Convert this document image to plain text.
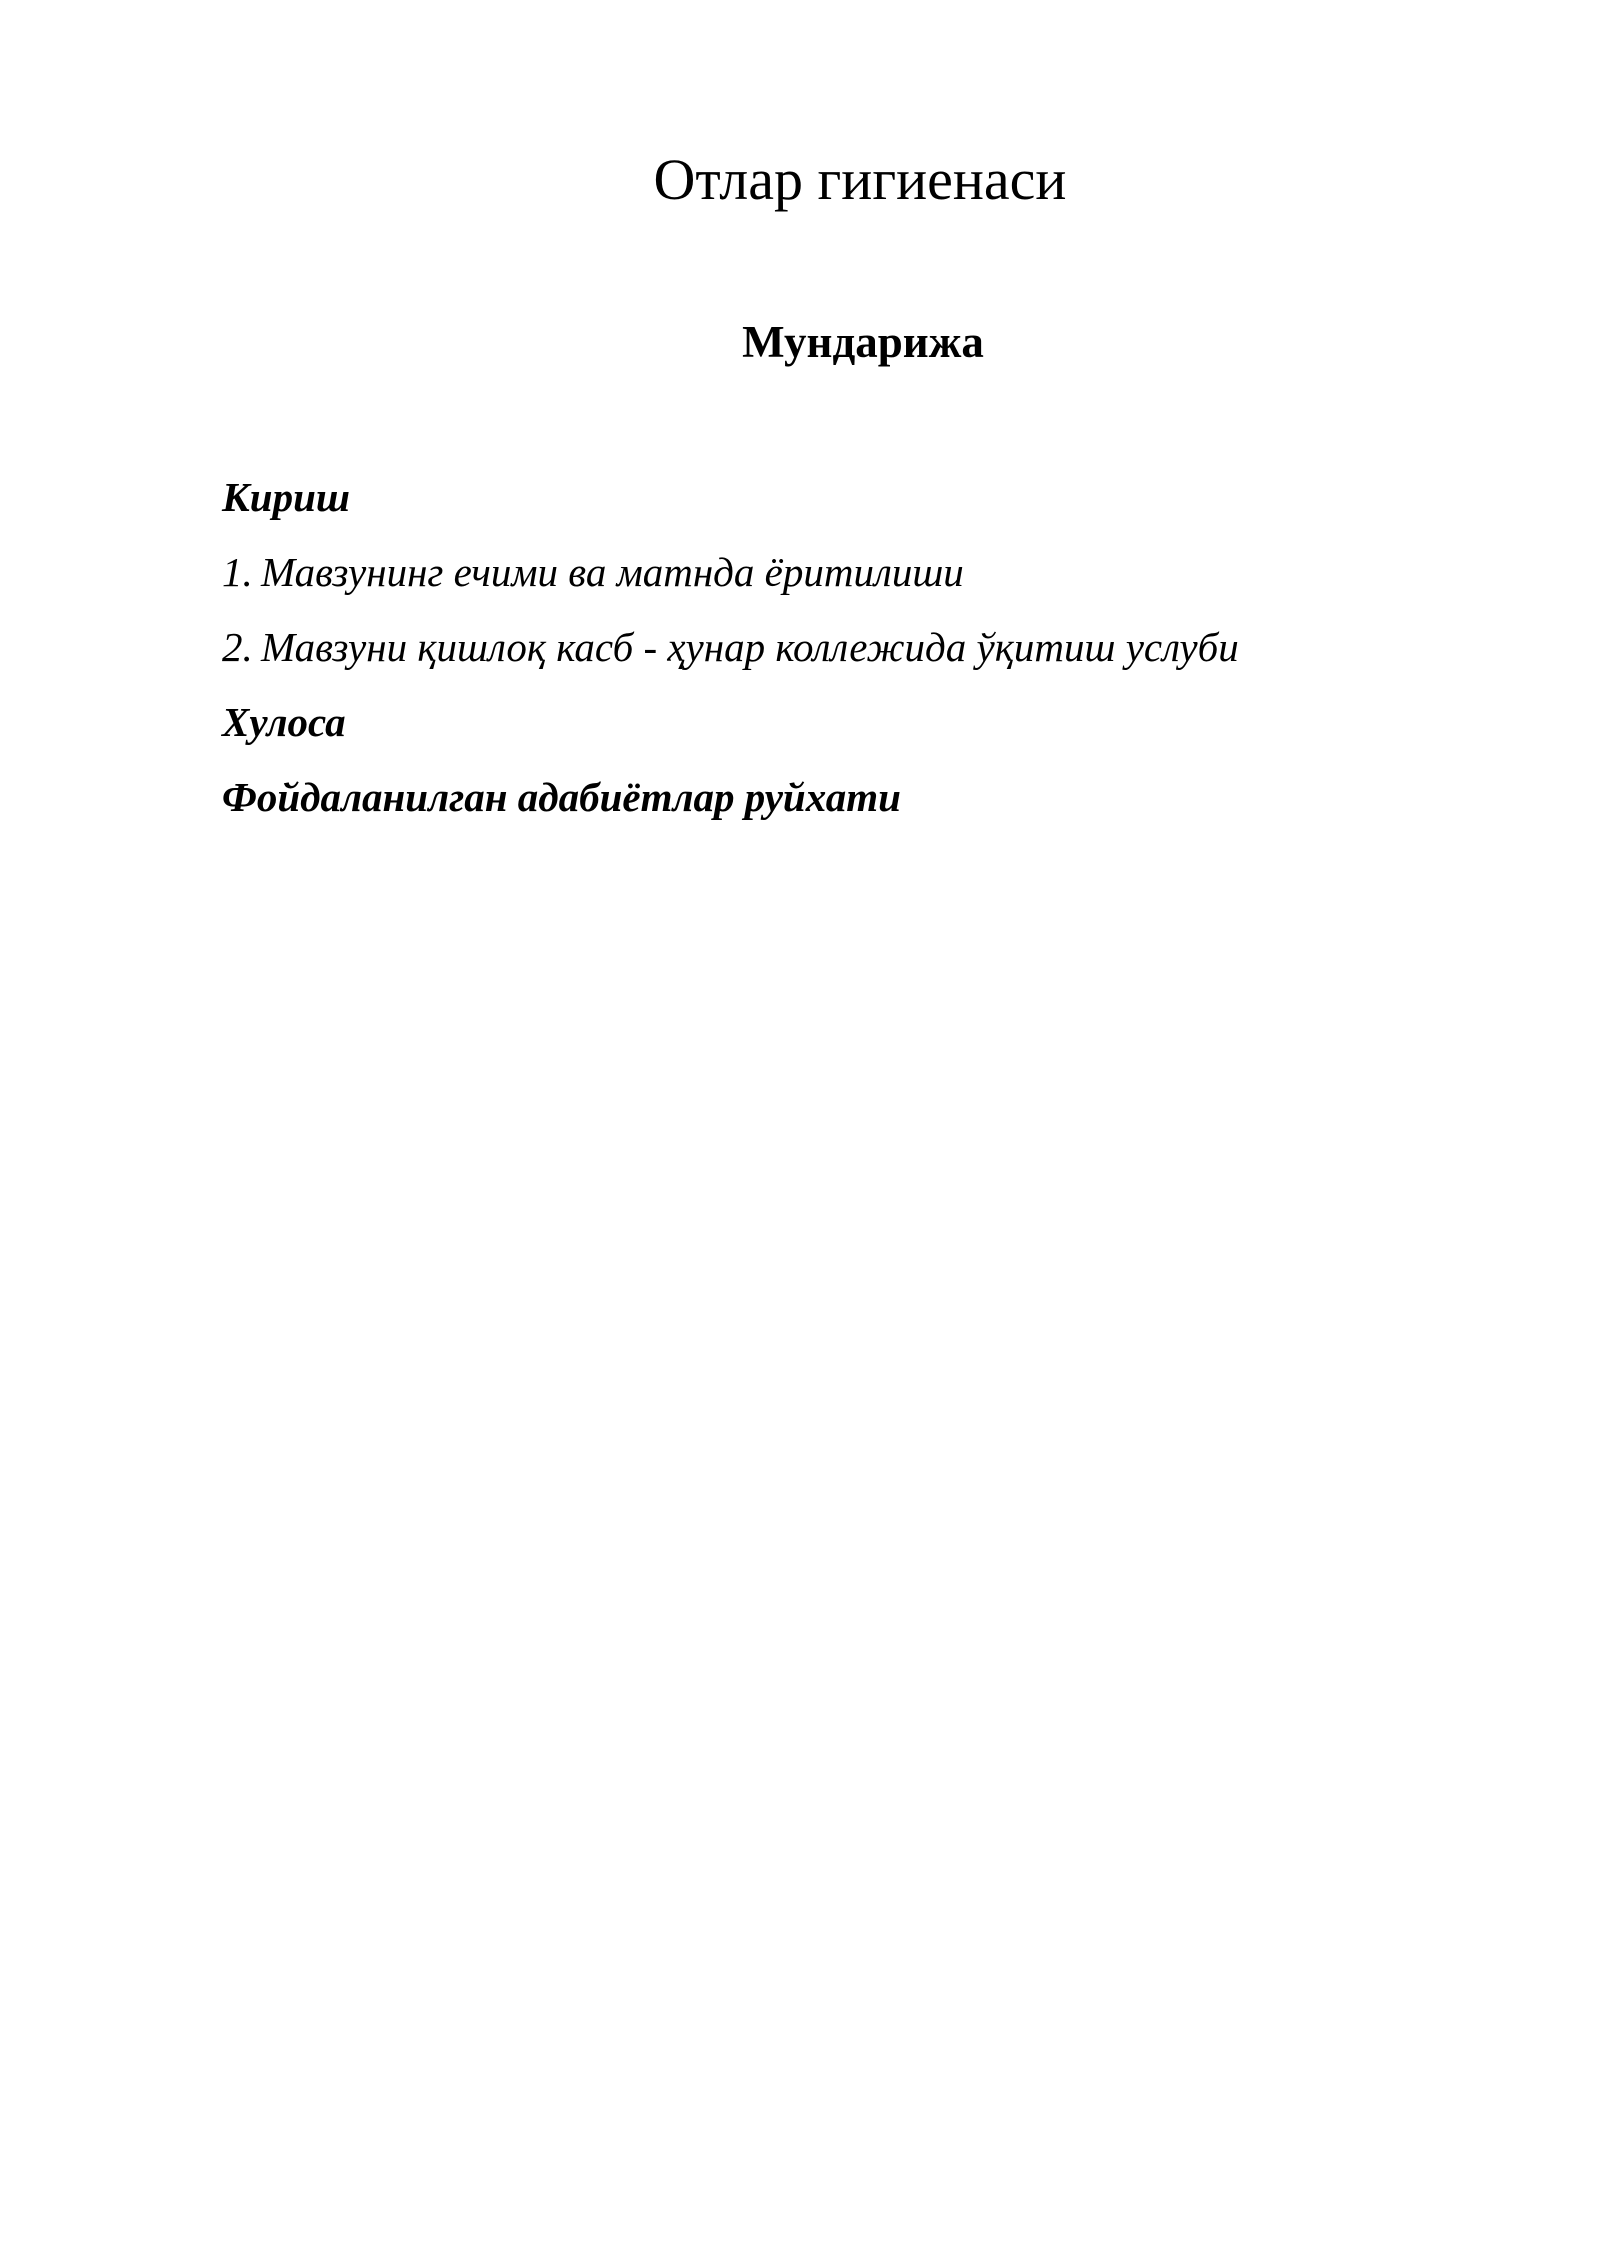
Отлар гигиенаси
Мундарижа
Кириш
1. Мавзунинг ечими ва матнда ёритилиши
2. Мавзуни қишлоқ касб - ҳунар коллежида ўқитиш услуби
Хулоса
Фойдаланилган адабиётлар руйхати
